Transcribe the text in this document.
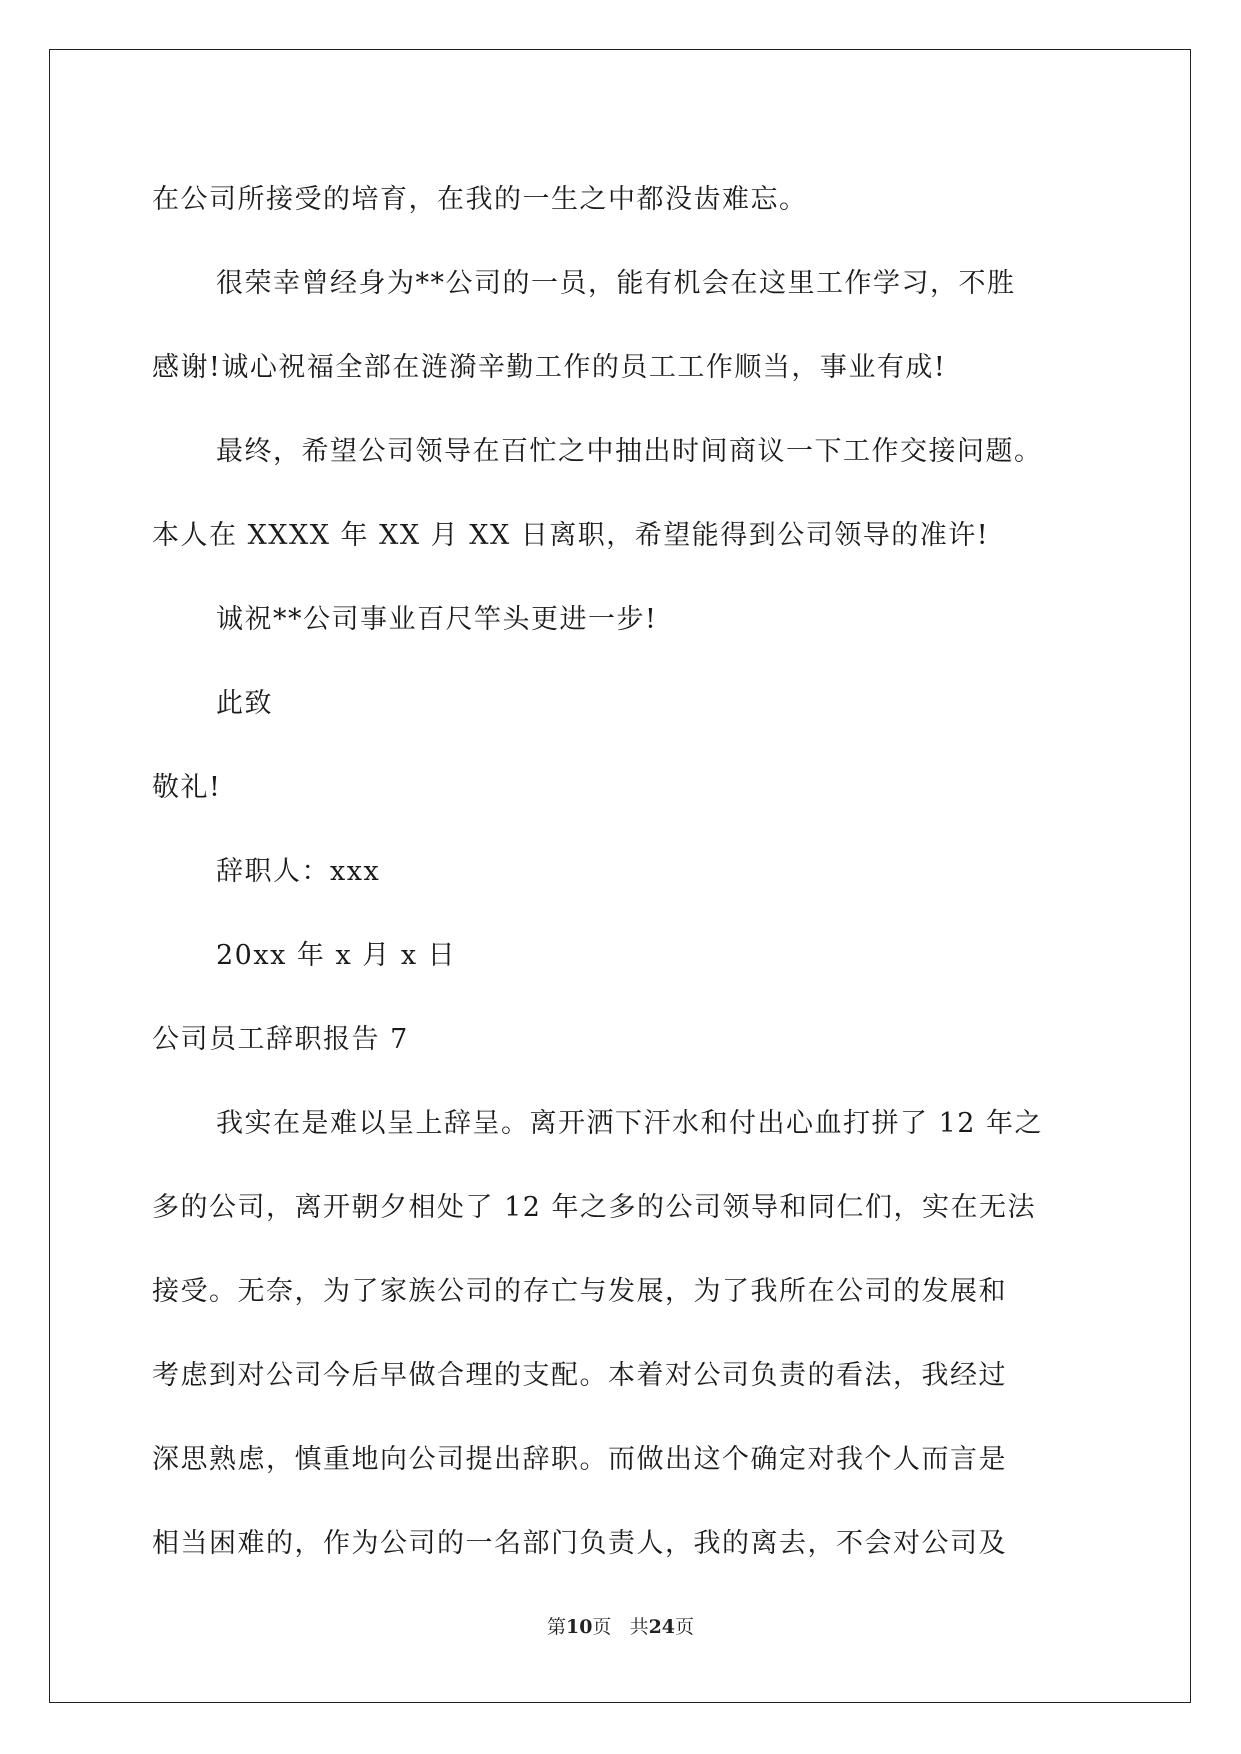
在公司所接受的培育，在我的一生之中都没齿难忘。
很荣幸曾经身为**公司的一员，能有机会在这里工作学习，不胜
感谢!诚心祝福全部在涟漪辛勤工作的员工工作顺当，事业有成!
最终，希望公司领导在百忙之中抽出时间商议一下工作交接问题。
本人在 XXXX 年 XX 月 XX 日离职，希望能得到公司领导的准许!
诚祝**公司事业百尺竿头更进一步!
此致
敬礼!
辞职人：xxx
20xx 年 x 月 x 日
公司员工辞职报告 7
我实在是难以呈上辞呈。离开洒下汗水和付出心血打拼了 12 年之
多的公司，离开朝夕相处了 12 年之多的公司领导和同仁们，实在无法
接受。无奈，为了家族公司的存亡与发展，为了我所在公司的发展和
考虑到对公司今后早做合理的支配。本着对公司负责的看法，我经过
深思熟虑，慎重地向公司提出辞职。而做出这个确定对我个人而言是
相当困难的，作为公司的一名部门负责人，我的离去，不会对公司及
第10页 共24页
